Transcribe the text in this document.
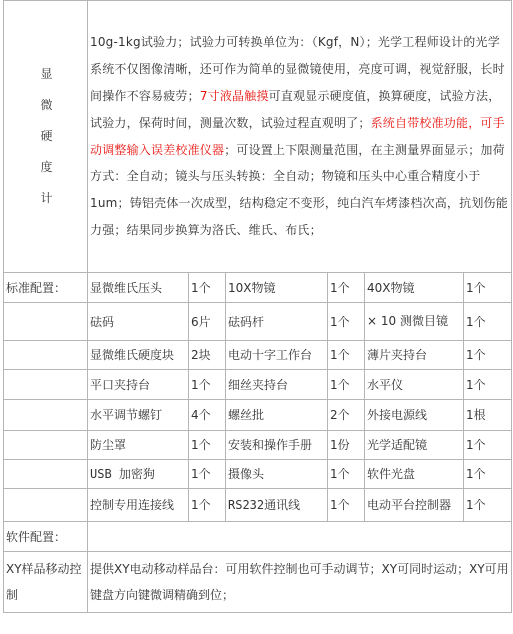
显微硬度计	10g-1kg试验力；试验力可转换单位为：（Kgf，N）；光学工程师设计的光学系统不仅图像清晰，还可作为简单的显微镜使用，亮度可调，视觉舒服，长时间操作不容易疲劳；7寸液晶触摸可直观显示硬度值，换算硬度，试验方法，试验力，保荷时间，测量次数，试验过程直观明了；系统自带校准功能，可手动调整输入误差校准仪器；可设置上下限测量范围，在主测量界面显示；加荷方式：全自动；镜头与压头转换：全自动；物镜和压头中心重合精度小于1um；铸铝壳体一次成型，结构稳定不变形，纯白汽车烤漆档次高，抗划伤能力强；结果同步换算为洛氏、维氏、布氏；					
标准配置：	显微维氏压头	1个	10X物镜	1个	40X物镜	1个
	砝码	6片	砝码杆	1个	× 10 测微目镜	1个
	显微维氏硬度块	2块	电动十字工作台	1个	薄片夹持台	1个
	平口夹持台	1个	细丝夹持台	1个	水平仪	1个
	水平调节螺钉	4个	螺丝批	2个	外接电源线	1根
	防尘罩	1个	安装和操作手册	1份	光学适配镜	1个
	USB 加密狗	1个	摄像头	1个	软件光盘	1个
	控制专用连接线	1个	RS232通讯线	1个	电动平台控制器	1个
软件配置：						
XY样品移动控制	提供XY电动移动样品台：可用软件控制也可手动调节；XY可同时运动；XY可用键盘方向键微调精确到位；					
